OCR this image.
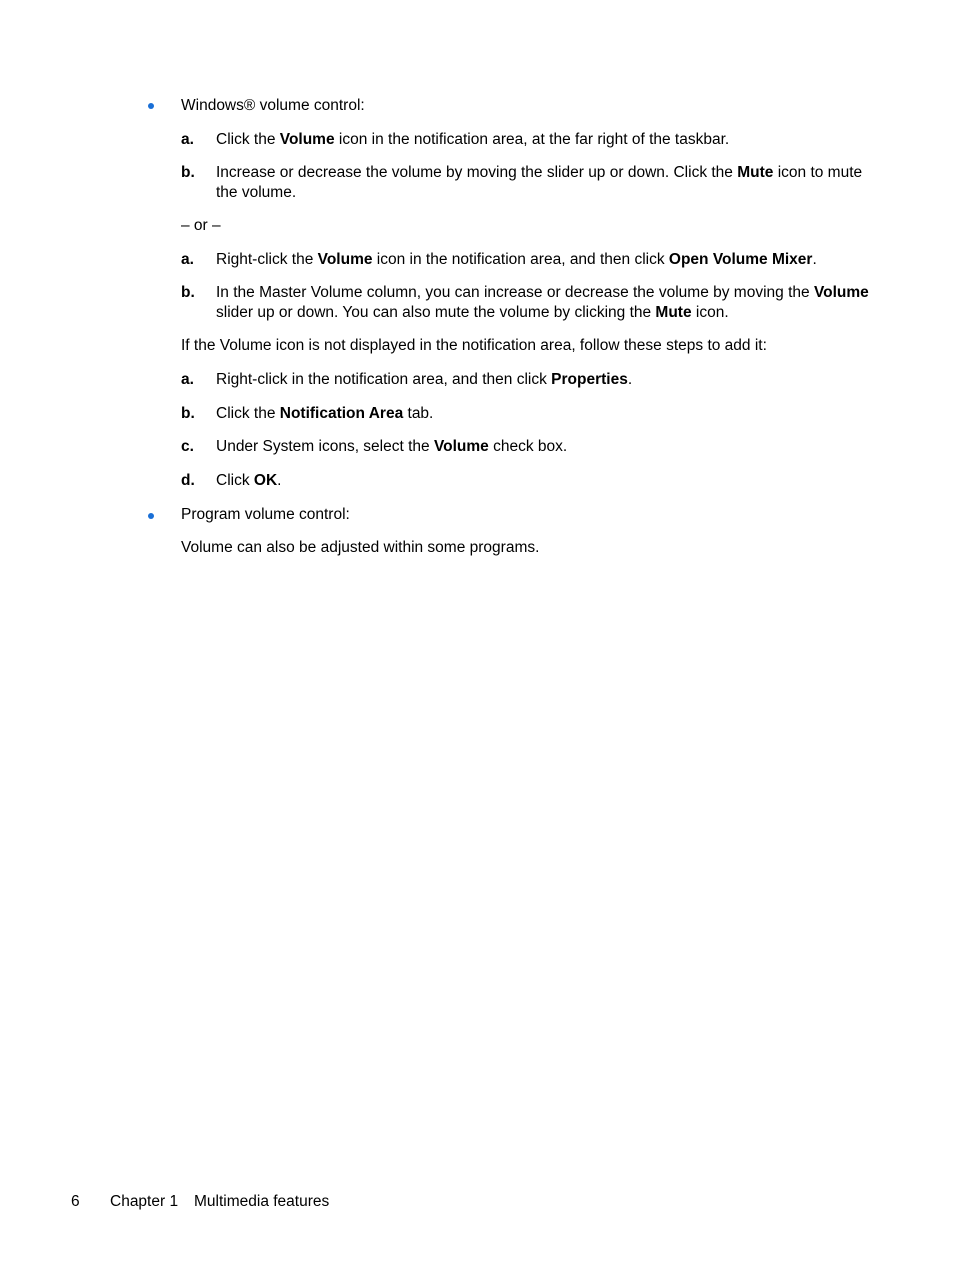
Windows® volume control:
a. Click the Volume icon in the notification area, at the far right of the taskbar.
b. Increase or decrease the volume by moving the slider up or down. Click the Mute icon to mute the volume.
– or –
a. Right-click the Volume icon in the notification area, and then click Open Volume Mixer.
b. In the Master Volume column, you can increase or decrease the volume by moving the Volume slider up or down. You can also mute the volume by clicking the Mute icon.
If the Volume icon is not displayed in the notification area, follow these steps to add it:
a. Right-click in the notification area, and then click Properties.
b. Click the Notification Area tab.
c. Under System icons, select the Volume check box.
d. Click OK.
Program volume control:
Volume can also be adjusted within some programs.
6 Chapter 1 Multimedia features
